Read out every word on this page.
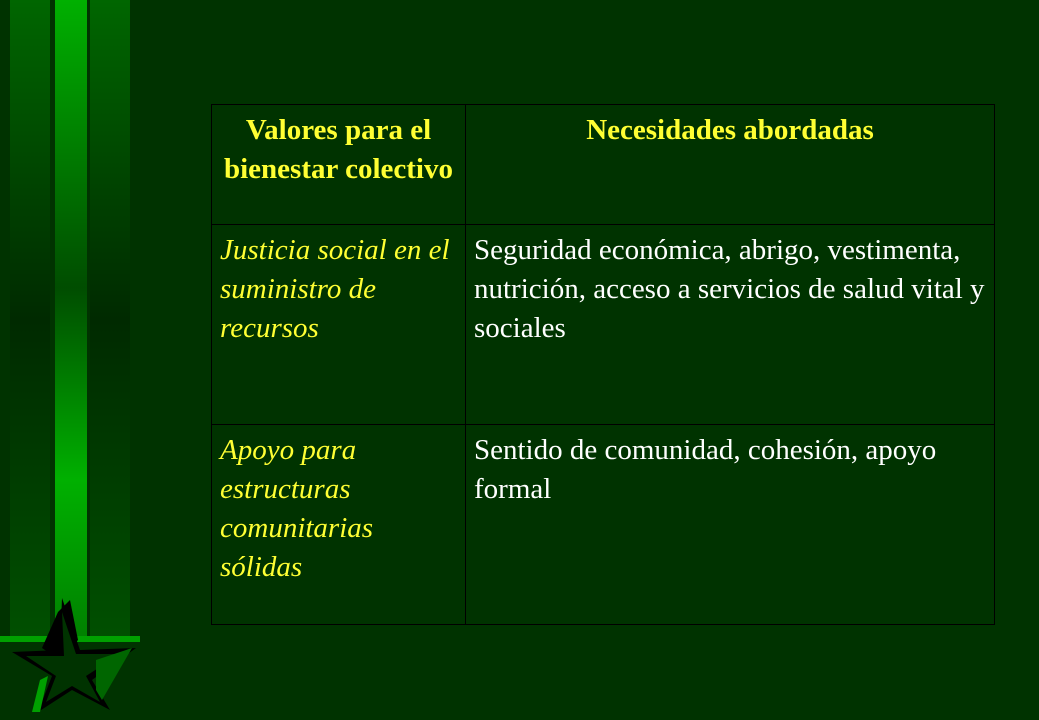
Valores para el bienestar colectivo	Necesidades abordadas
Justicia social en el suministro de recursos	Seguridad económica, abrigo, vestimenta, nutrición, acceso a servicios de salud vital y sociales
Apoyo para estructuras comunitarias sólidas	Sentido de comunidad, cohesión, apoyo formal
